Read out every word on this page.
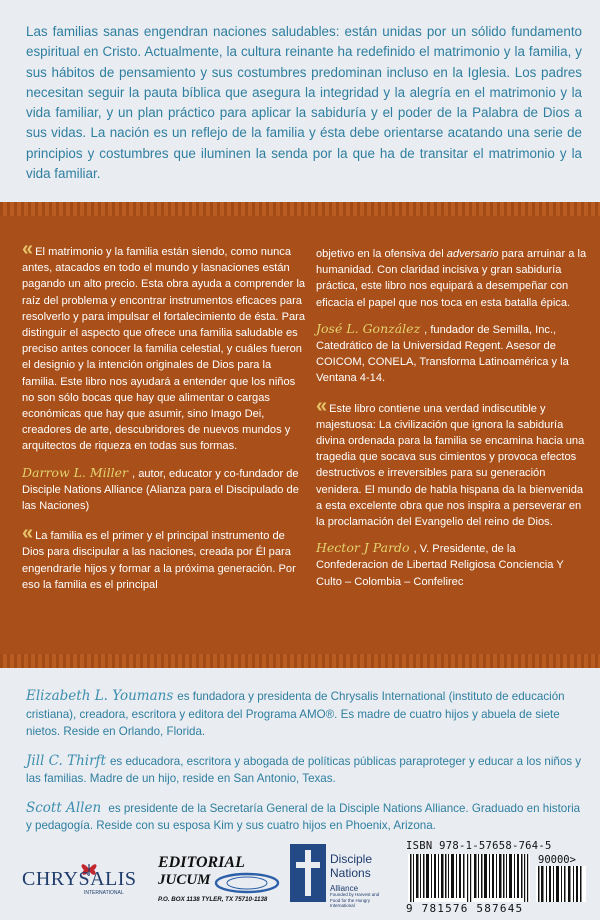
Las familias sanas engendran naciones saludables: están unidas por un sólido fundamento espiritual en Cristo. Actualmente, la cultura reinante ha redefinido el matrimonio y la familia, y sus hábitos de pensamiento y sus costumbres predominan incluso en la Iglesia. Los padres necesitan seguir la pauta bíblica que asegura la integridad y la alegría en el matrimonio y la vida familiar, y un plan práctico para aplicar la sabiduría y el poder de la Palabra de Dios a sus vidas. La nación es un reflejo de la familia y ésta debe orientarse acatando una serie de principios y costumbres que iluminen la senda por la que ha de transitar el matrimonio y la vida familiar.

« El matrimonio y la familia están siendo, como nunca antes, atacados en todo el mundo y lasnaciones están pagando un alto precio. Esta obra ayuda a comprender la raíz del problema y encontrar instrumentos eficaces para resolverlo y para impulsar el fortalecimiento de ésta. Para distinguir el aspecto que ofrece una familia saludable es preciso antes conocer la familia celestial, y cuáles fueron el designio y la intención originales de Dios para la familia. Este libro nos ayudará a entender que los niños no son sólo bocas que hay que alimentar o cargas económicas que hay que asumir, sino Imago Dei, creadores de arte, descubridores de nuevos mundos y arquitectos de riqueza en todas sus formas.

Darrow L. Miller , autor, educator y co-fundador de Disciple Nations Alliance (Alianza para el Discipulado de las Naciones)

« La familia es el primer y el principal instrumento de Dios para discipular a las naciones, creada por Él para engendrarle hijos y formar a la próxima generación. Por eso la familia es el principal

objetivo en la ofensiva del adversario para arruinar a la humanidad. Con claridad incisiva y gran sabiduría práctica, este libro nos equipará a desempeñar con eficacia el papel que nos toca en esta batalla épica.

José L. González , fundador de Semilla, Inc., Catedrático de la Universidad Regent. Asesor de COICOM, CONELA, Transforma Latinoamérica y la Ventana 4-14.

« Este libro contiene una verdad indiscutible y majestuosa: La civilización que ignora la sabiduría divina ordenada para la familia se encamina hacia una tragedia que socava sus cimientos y provoca efectos destructivos e irreversibles para su generación venidera. El mundo de habla hispana da la bienvenida a esta excelente obra que nos inspira a perseverar en la proclamación del Evangelio del reino de Dios.

Hector J Pardo , V. Presidente, de la Confederacion de Libertad Religiosa Conciencia Y Culto – Colombia – Confelirec

Elizabeth L. Youmans es fundadora y presidenta de Chrysalis International (instituto de educación cristiana), creadora, escritora y editora del Programa AMO®. Es madre de cuatro hijos y abuela de siete nietos. Reside en Orlando, Florida.

Jill C. Thirft es educadora, escritora y abogada de políticas públicas paraproteger y educar a los niños y las familias. Madre de un hijo, reside en San Antonio, Texas.

Scott Allen es presidente de la Secretaría General de la Disciple Nations Alliance. Graduado en historia y pedagogía. Reside con su esposa Kim y sus cuatro hijos en Phoenix, Arizona.

CHRYSALIS
INTERNATIONAL
EDITORIAL
JUCUM
P.O. BOX 1138 TYLER, TX 75710-1138
Disciple
Nations
Alliance
Founded by Harvest and Food for the Hungry International
ISBN 978-1-57658-764-5
90000>
9 781576 587645
